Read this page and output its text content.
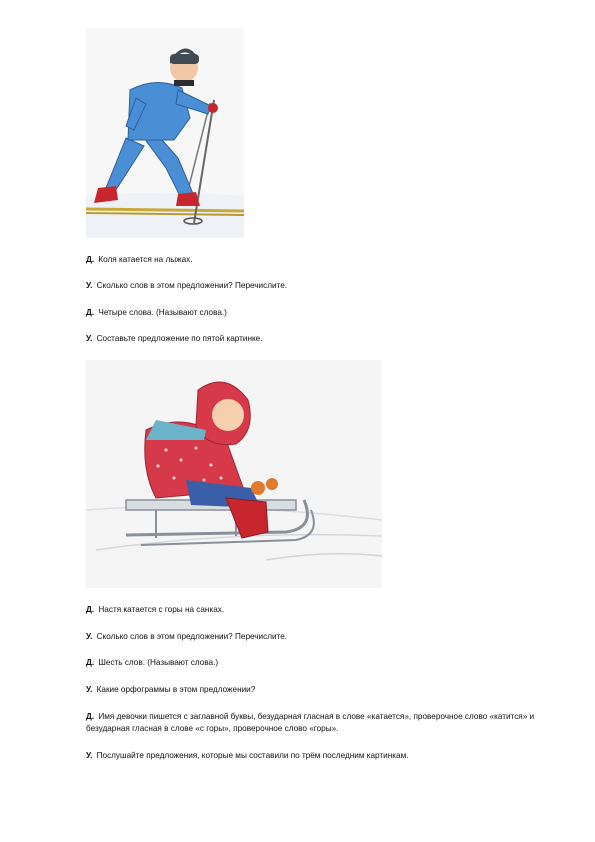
Д. Коля катается на лыжах.

У. Сколько слов в этом предложении? Перечислите.

Д. Четыре слова. (Называют слова.)

У. Составьте предложение по пятой картинке.

Д. Настя катается с горы на санках.

У. Сколько слов в этом предложении? Перечислите.

Д. Шесть слов. (Называют слова.)

У. Какие орфограммы в этом предложении?

Д. Имя девочки пишется с заглавной буквы, безударная гласная в слове «катается», проверочное слово «катится» и безударная гласная в слове «с горы», проверочное слово «горы».

У. Послушайте предложения, которые мы составили по трём последним картинкам.
